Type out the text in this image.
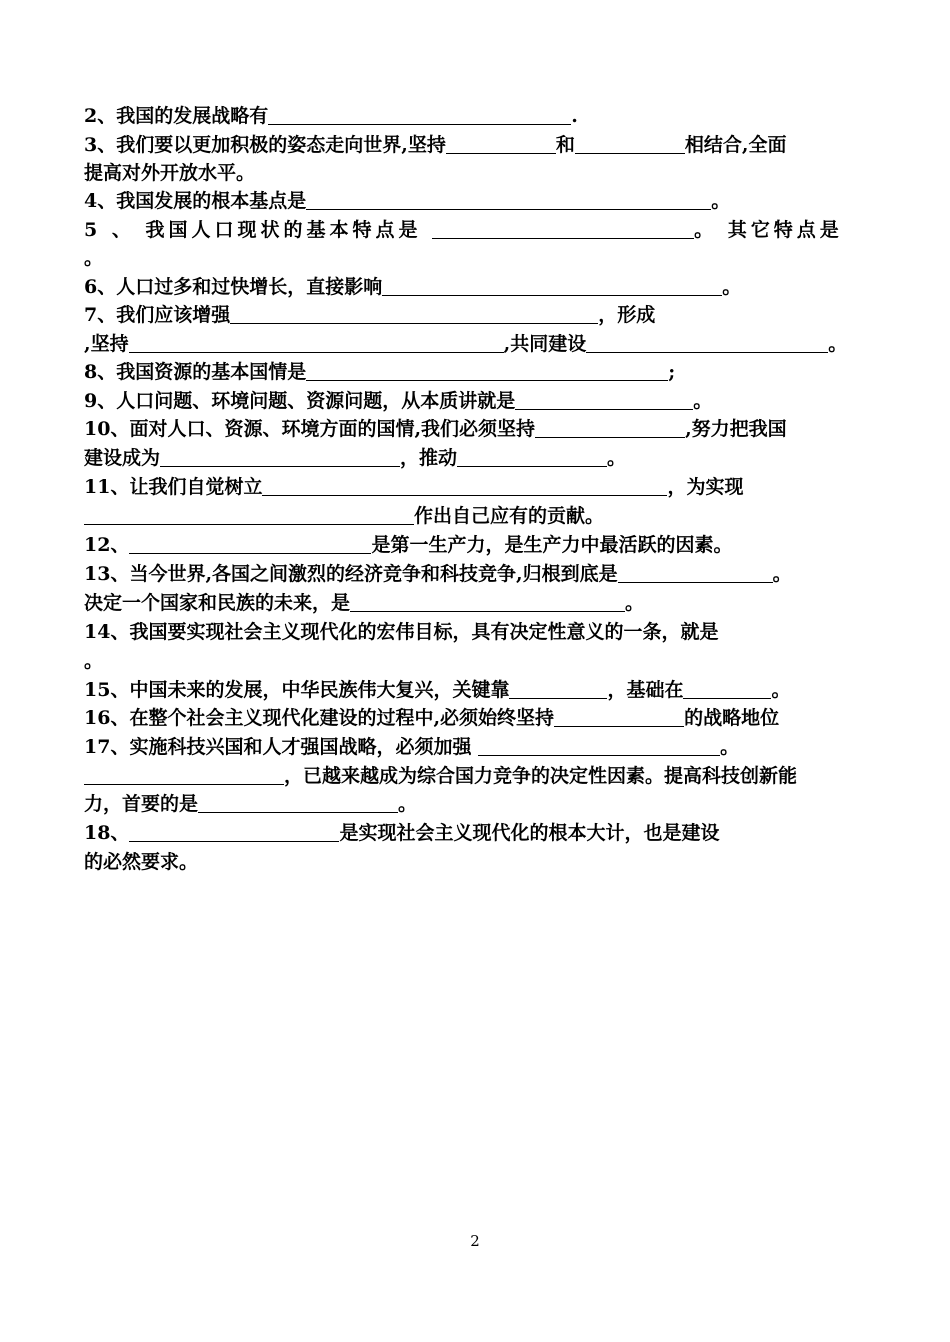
2、我国的发展战略有	.
3、我们要以更加积极的姿态走向世界,坚持	和	相结合,全面
提高对外开放水平。
4、我国发展的根本基点是	。
5 、 我国人口现状的基本特点是	。 其它特点是
。
6、人口过多和过快增长，直接影响	。
7、我们应该增强	，形成
,坚持	,共同建设	。
8、我国资源的基本国情是	;
9、人口问题、环境问题、资源问题，从本质讲就是	。
10、面对人口、资源、环境方面的国情,我们必须坚持	,努力把我国
建设成为	，推动	。
11、让我们自觉树立	，为实现
作出自己应有的贡献。
12、	是第一生产力，是生产力中最活跃的因素。
13、当今世界,各国之间激烈的经济竞争和科技竞争,归根到底是	。
决定一个国家和民族的未来，是	。
14、我国要实现社会主义现代化的宏伟目标，具有决定性意义的一条，就是
。
15、中国未来的发展，中华民族伟大复兴，关键靠	，基础在	。
16、在整个社会主义现代化建设的过程中,必须始终坚持	的战略地位
17、实施科技兴国和人才强国战略，必须加强	。
，已越来越成为综合国力竞争的决定性因素。提高科技创新能
力，首要的是	。
18、	是实现社会主义现代化的根本大计，也是建设
的必然要求。
2
